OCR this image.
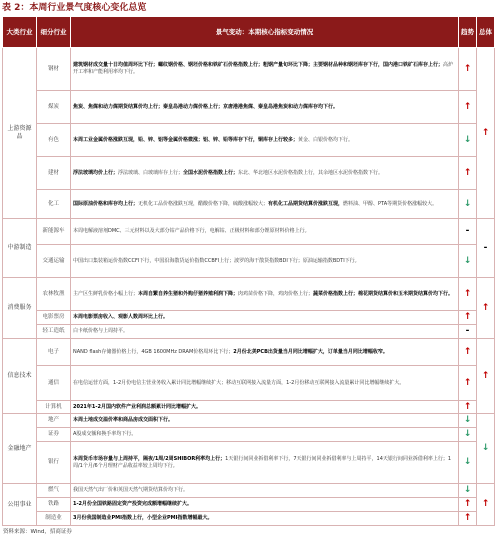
表 2：本周行业景气度核心变化总览
大类行业	细分行业	景气变动：本期核心指标变动情况	趋势	总体
上游资源品	钢材	建筑钢材成交量十日均值周环比下行；螺纹钢价格、钢坯价格和铁矿石价格指数上行；粗钢产量旬环比下降；主要钢材品种和钢坯库存下行，国内港口铁矿石库存上行；高炉开工率和产能利用率均下行。	↑	↑
	煤炭	焦炭、焦煤和动力煤期货结算价均上行；秦皇岛港动力煤价格上行；京唐港港焦煤、秦皇岛港焦炭和动力煤库存均下行。	↑	
	有色	本周工业金属价格涨跌互现，铅、锌、铝等金属价格微涨；铝、锌、铅等库存下行，铜库存上行较多；黄金、白银价格均下行。	↓	
	建材	浮法玻璃均价上行；浮法玻璃、白玻璃库存上行；全国水泥价格指数上行；东北、华北地区水泥价格指数上行，其余地区水泥价格指数下行。	↑	
	化工	国际原油价格和库存均上行；无机化工品价格涨跌互现，醋酸价格下降，硫酸涨幅较大；有机化工品期货结算价涨跌互现，燃料油、甲醇、PTA等期货价格涨幅较大。	↓	
中游制造	新能源车	本周电解液溶剂DMC、三元材料以及大部分钴产品价格下行，电解钴、正极材料和部分锂原材料价格上行。	-	-
	交通运输	中国出口集装箱运价指数CCFI下行，中国沿海散货运价指数CCBFI上行；波罗的海干散货指数BDI下行；原油运输指数BDTI下行。	↓	
消费服务	农林牧渔	主产区生鲜乳价格小幅上行；本周自繁自养生猪和外购仔猪养殖利润下降；肉鸡苗价格下降，鸡肉价格上行；蔬菜价格指数上行；棉花期货结算价和玉米期货结算价均下行。	↑	↑
	电影票房	本周电影票房收入、观影人数周环比上行。	↑	
	轻工造纸	白卡纸价格与上周持平。	-	
信息技术	电子	NAND flash存储器价格上行，4GB 1600MHz DRAM价格周环比下行；2月份北美PCB出货量当月同比增幅扩大，订单量当月同比增幅收窄。	↑	↑
	通信	在电信运营方面，1-2月份电信主营业务收入累计同比增幅继续扩大；移动互联网接入流量方面，1-2月份移动互联网接入流量累计同比增幅继续扩大。	↑	
	计算机	2021年1-2月国内软件产业利润总额累计同比增幅扩大。	↑	
金融地产	地产	本周土地成交溢价率和商品房成交面积下行。	↓	↓
	证券	A股成交额和换手率均下行。	↓	
	银行	本周货币市场存量与上周持平，隔夜/1周/2周SHIBOR利率均上行；1天银行间同业拆借利率下行，7天银行间同业拆借利率与上周持平，14天银行间同业拆借利率上行；1周/1个月/6个月理财产品收益率较上周均下行。	↓	
公用事业	燃气	我国天然气出厂价和英国天然气期货结算价均下行。	↓	↑
	铁路	1-2月份全国铁路固定资产投资完成额增幅继续扩大。	↑	
	制造业	3月份我国制造业PMI指数上行，小型企业PMI指数增幅最大。	↑	
资料来源：Wind，招商证券
